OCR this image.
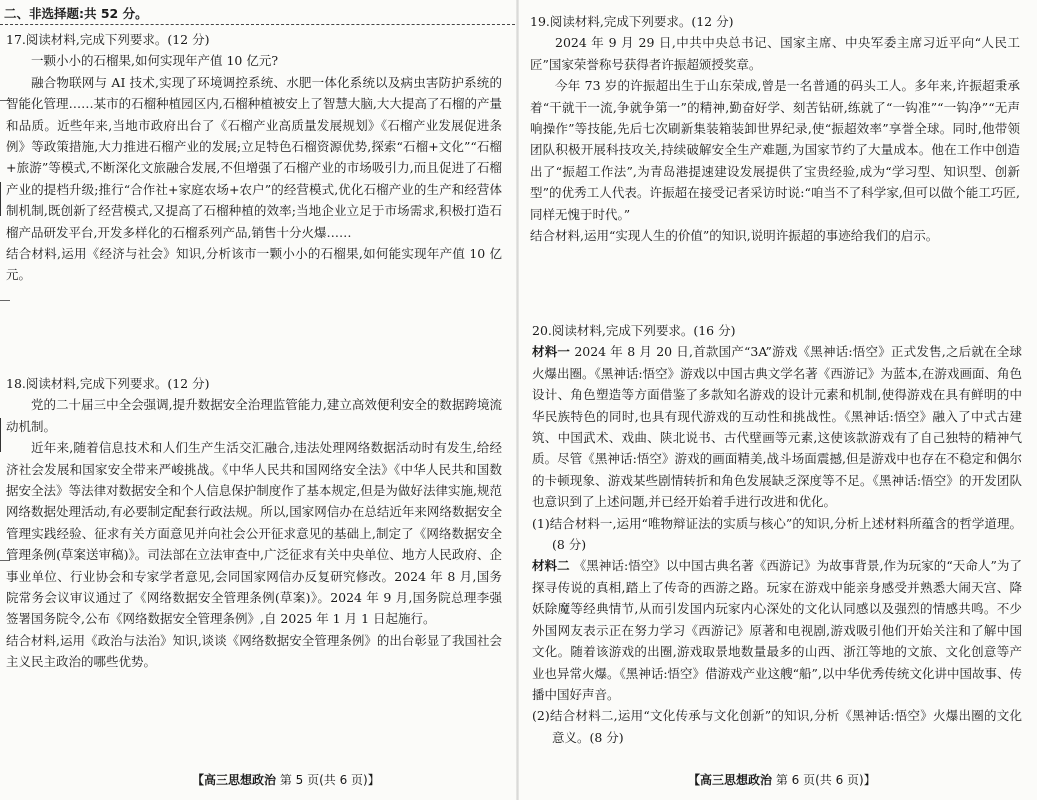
二、非选择题:共 52 分。

17.阅读材料,完成下列要求。(12 分)

一颗小小的石榴果,如何实现年产值 10 亿元?

融合物联网与 AI 技术,实现了环境调控系统、水肥一体化系统以及病虫害防护系统的智能化管理……某市的石榴种植园区内,石榴种植被安上了智慧大脑,大大提高了石榴的产量和品质。近些年来,当地市政府出台了《石榴产业高质量发展规划》《石榴产业发展促进条例》等政策措施,大力推进石榴产业的发展;立足特色石榴资源优势,探索“石榴+文化”“石榴+旅游”等模式,不断深化文旅融合发展,不但增强了石榴产业的市场吸引力,而且促进了石榴产业的提档升级;推行“合作社+家庭农场+农户”的经营模式,优化石榴产业的生产和经营体制机制,既创新了经营模式,又提高了石榴种植的效率;当地企业立足于市场需求,积极打造石榴产品研发平台,开发多样化的石榴系列产品,销售十分火爆……

结合材料,运用《经济与社会》知识,分析该市一颗小小的石榴果,如何能实现年产值 10 亿元。

18.阅读材料,完成下列要求。(12 分)

党的二十届三中全会强调,提升数据安全治理监管能力,建立高效便利安全的数据跨境流动机制。

近年来,随着信息技术和人们生产生活交汇融合,违法处理网络数据活动时有发生,给经济社会发展和国家安全带来严峻挑战。《中华人民共和国网络安全法》《中华人民共和国数据安全法》等法律对数据安全和个人信息保护制度作了基本规定,但是为做好法律实施,规范网络数据处理活动,有必要制定配套行政法规。所以,国家网信办在总结近年来网络数据安全管理实践经验、征求有关方面意见并向社会公开征求意见的基础上,制定了《网络数据安全管理条例(草案送审稿)》。司法部在立法审查中,广泛征求有关中央单位、地方人民政府、企事业单位、行业协会和专家学者意见,会同国家网信办反复研究修改。2024 年 8 月,国务院常务会议审议通过了《网络数据安全管理条例(草案)》。2024 年 9 月,国务院总理李强签署国务院令,公布《网络数据安全管理条例》,自 2025 年 1 月 1 日起施行。

结合材料,运用《政治与法治》知识,谈谈《网络数据安全管理条例》的出台彰显了我国社会主义民主政治的哪些优势。

【高三思想政治 第 5 页(共 6 页)】

19.阅读材料,完成下列要求。(12 分)

2024 年 9 月 29 日,中共中央总书记、国家主席、中央军委主席习近平向“人民工匠”国家荣誉称号获得者许振超颁授奖章。

今年 73 岁的许振超出生于山东荣成,曾是一名普通的码头工人。多年来,许振超秉承着“干就干一流,争就争第一”的精神,勤奋好学、刻苦钻研,练就了“一钩准”“一钩净”“无声响操作”等技能,先后七次刷新集装箱装卸世界纪录,使“振超效率”享誉全球。同时,他带领团队积极开展科技攻关,持续破解安全生产难题,为国家节约了大量成本。他在工作中创造出了“振超工作法”,为青岛港提速建设发展提供了宝贵经验,成为“学习型、知识型、创新型”的优秀工人代表。许振超在接受记者采访时说:“咱当不了科学家,但可以做个能工巧匠,同样无愧于时代。”

结合材料,运用“实现人生的价值”的知识,说明许振超的事迹给我们的启示。

20.阅读材料,完成下列要求。(16 分)

材料一 2024 年 8 月 20 日,首款国产“3A”游戏《黑神话:悟空》正式发售,之后就在全球火爆出圈。《黑神话:悟空》游戏以中国古典文学名著《西游记》为蓝本,在游戏画面、角色设计、角色塑造等方面借鉴了多款知名游戏的设计元素和机制,使得游戏在具有鲜明的中华民族特色的同时,也具有现代游戏的互动性和挑战性。《黑神话:悟空》融入了中式古建筑、中国武术、戏曲、陕北说书、古代壁画等元素,这使该款游戏有了自己独特的精神气质。尽管《黑神话:悟空》游戏的画面精美,战斗场面震撼,但是游戏中也存在不稳定和偶尔的卡顿现象、游戏某些剧情转折和角色发展缺乏深度等不足。《黑神话:悟空》的开发团队也意识到了上述问题,并已经开始着手进行改进和优化。

(1)结合材料一,运用“唯物辩证法的实质与核心”的知识,分析上述材料所蕴含的哲学道理。(8 分)

材料二 《黑神话:悟空》以中国古典名著《西游记》为故事背景,作为玩家的“天命人”为了探寻传说的真相,踏上了传奇的西游之路。玩家在游戏中能亲身感受并熟悉大闹天宫、降妖除魔等经典情节,从而引发国内玩家内心深处的文化认同感以及强烈的情感共鸣。不少外国网友表示正在努力学习《西游记》原著和电视剧,游戏吸引他们开始关注和了解中国文化。随着该游戏的出圈,游戏取景地数量最多的山西、浙江等地的文旅、文化创意等产业也异常火爆。《黑神话:悟空》借游戏产业这艘“船”,以中华优秀传统文化讲中国故事、传播中国好声音。

(2)结合材料二,运用“文化传承与文化创新”的知识,分析《黑神话:悟空》火爆出圈的文化意义。(8 分)

【高三思想政治 第 6 页(共 6 页)】
